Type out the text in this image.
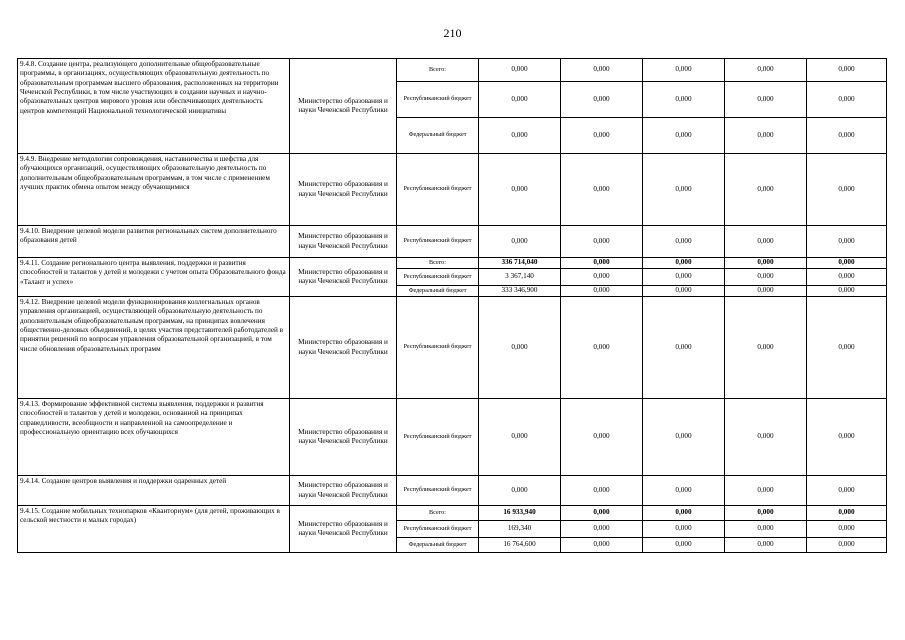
210
9.4.8. Создание центра, реализующего дополнительные общеобразовательные программы, в организациях, осуществляющих образовательную деятельность по образовательным программам высшего образования, расположенных на территории Чеченской Республики, в том числе участвующих в создании научных и научно-образовательных центров мирового уровня или обеспечивающих деятельность центров компетенций Национальной технологической инициативы	Министерство образования и науки Чеченской Республики	Всего:	0,000	0,000	0,000	0,000	0,000	
		Республиканский бюджет	0,000	0,000	0,000	0,000	0,000	
		Федеральный бюджет	0,000	0,000	0,000	0,000	0,000	
9.4.9. Внедрение методологии сопровождения, наставничества и шефства для обучающихся организаций, осуществляющих образовательную деятельность по дополнительным общеобразовательным программам, в том числе с применением лучших практик обмена опытом между обучающимися	Министерство образования и науки Чеченской Республики	Республиканский бюджет	0,000	0,000	0,000	0,000	0,000	
9.4.10. Внедрение целевой модели развития региональных систем дополнительного образования детей	Министерство образования и науки Чеченской Республики	Республиканский бюджет	0,000	0,000	0,000	0,000	0,000	
9.4.11. Создание регионального центра выявления, поддержки и развития способностей и талантов у детей и молодежи с учетом опыта Образовательного фонда «Талант и успех»	Министерство образования и науки Чеченской Республики	Всего:	336 714,040	0,000	0,000	0,000	0,000	
		Республиканский бюджет	3 367,140	0,000	0,000	0,000	0,000	
		Федеральный бюджет	333 346,900	0,000	0,000	0,000	0,000	
9.4.12. Внедрение целевой модели функционирования коллегиальных органов управления организацией, осуществляющей образовательную деятельность по дополнительным общеобразовательным программам, на принципах вовлечения общественно-деловых объединений, в целях участия представителей работодателей в принятии решений по вопросам управления образовательной организацией, в том числе обновления образовательных программ	Министерство образования и науки Чеченской Республики	Республиканский бюджет	0,000	0,000	0,000	0,000	0,000	
9.4.13. Формирование эффективной системы выявления, поддержки и развития способностей и талантов у детей и молодежи, основанной на принципах справедливости, всеобщности и направленной на самоопределение и профессиональную ориентацию всех обучающихся	Министерство образования и науки Чеченской Республики	Республиканский бюджет	0,000	0,000	0,000	0,000	0,000	
9.4.14. Создание центров выявления и поддержки одаренных детей	Министерство образования и науки Чеченской Республики	Республиканский бюджет	0,000	0,000	0,000	0,000	0,000	
9.4.15. Создание мобильных технопарков «Кванториум» (для детей, проживающих в сельской местности и малых городах)	Министерство образования и науки Чеченской Республики	Всего:	16 933,940	0,000	0,000	0,000	0,000	
		Республиканский бюджет	169,340	0,000	0,000	0,000	0,000	
		Федеральный бюджет	16 764,600	0,000	0,000	0,000	0,000	
